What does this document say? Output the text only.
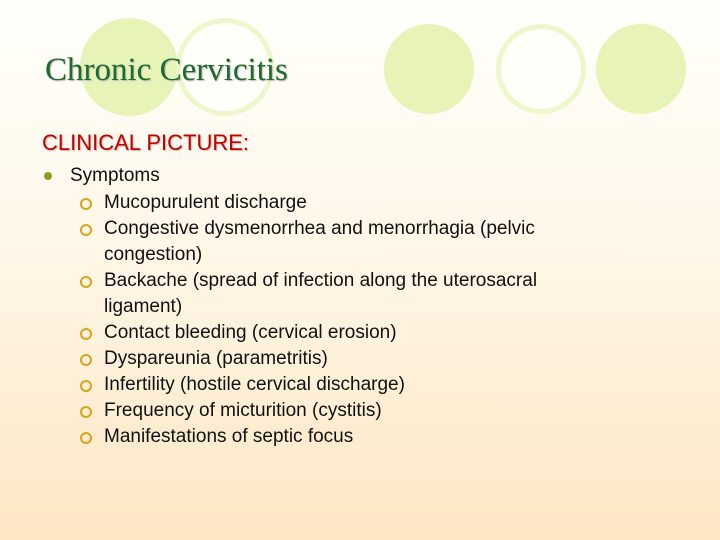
Chronic Cervicitis
CLINICAL PICTURE:
Symptoms
Mucopurulent discharge
Congestive dysmenorrhea and menorrhagia (pelvic congestion)
Backache (spread of infection along the uterosacral ligament)
Contact bleeding (cervical erosion)
Dyspareunia (parametritis)
Infertility (hostile cervical discharge)
Frequency of micturition (cystitis)
Manifestations of septic focus
